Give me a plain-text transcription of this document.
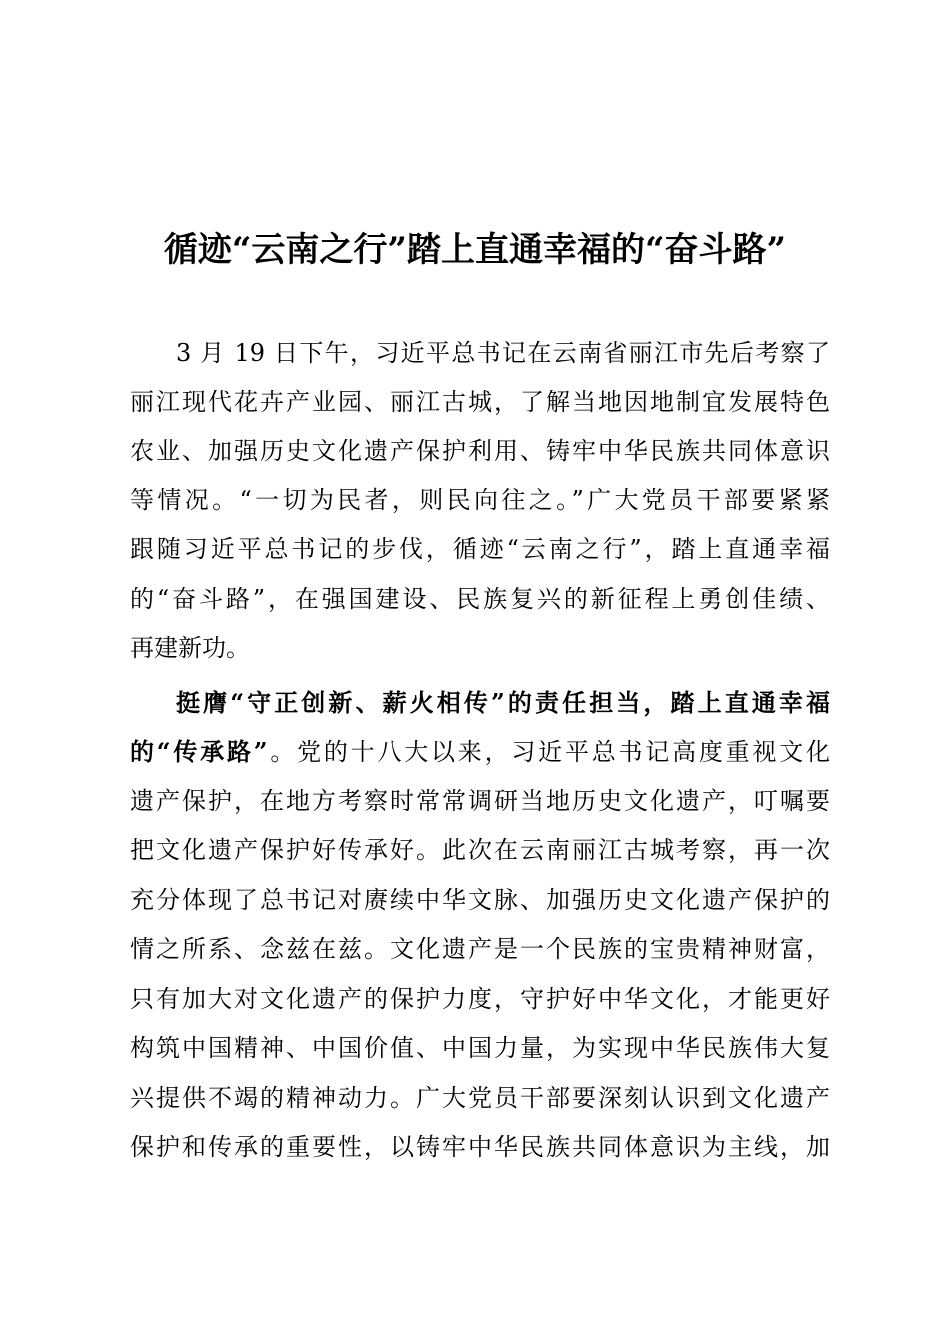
循迹“云南之行”踏上直通幸福的“奋斗路”

3 月 19 日下午，习近平总书记在云南省丽江市先后考察了

丽江现代花卉产业园、丽江古城，了解当地因地制宜发展特色

农业、加强历史文化遗产保护利用、铸牢中华民族共同体意识

等情况。“一切为民者，则民向往之。”广大党员干部要紧紧

跟随习近平总书记的步伐，循迹“云南之行”，踏上直通幸福

的“奋斗路”，在强国建设、民族复兴的新征程上勇创佳绩、

再建新功。

挺膺“守正创新、薪火相传”的责任担当，踏上直通幸福

的“传承路”。党的十八大以来，习近平总书记高度重视文化

遗产保护，在地方考察时常常调研当地历史文化遗产，叮嘱要

把文化遗产保护好传承好。此次在云南丽江古城考察，再一次

充分体现了总书记对赓续中华文脉、加强历史文化遗产保护的

情之所系、念兹在兹。文化遗产是一个民族的宝贵精神财富，

只有加大对文化遗产的保护力度，守护好中华文化，才能更好

构筑中国精神、中国价值、中国力量，为实现中华民族伟大复

兴提供不竭的精神动力。广大党员干部要深刻认识到文化遗产

保护和传承的重要性，以铸牢中华民族共同体意识为主线，加
